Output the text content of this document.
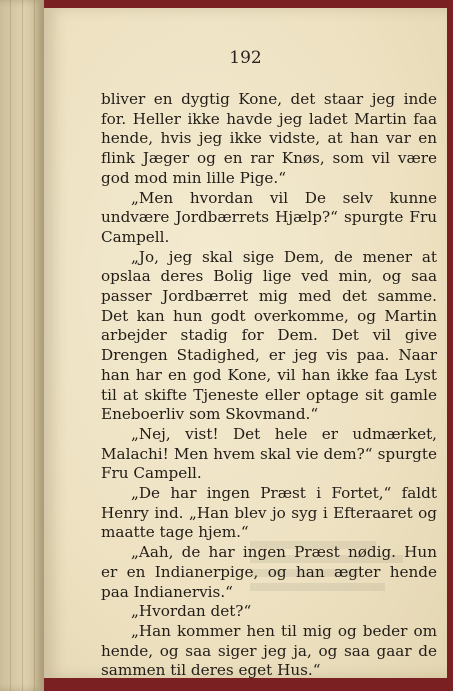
192

bliver en dygtig Kone, det staar jeg inde for. Heller ikke havde jeg ladet Martin faa hende, hvis jeg ikke vidste, at han var en flink Jæger og en rar Knøs, som vil være god mod min lille Pige.“

„Men hvordan vil De selv kunne undvære Jordbærrets Hjælp?“ spurgte Fru Campell.

„Jo, jeg skal sige Dem, de mener at opslaa deres Bolig lige ved min, og saa passer Jordbærret mig med det samme. Det kan hun godt overkomme, og Martin arbejder stadig for Dem. Det vil give Drengen Stadighed, er jeg vis paa. Naar han har en god Kone, vil han ikke faa Lyst til at skifte Tjeneste eller optage sit gamle Eneboerliv som Skovmand.“

„Nej, vist! Det hele er udmærket, Malachi! Men hvem skal vie dem?“ spurgte Fru Campell.

„De har ingen Præst i Fortet,“ faldt Henry ind. „Han blev jo syg i Efteraaret og maatte tage hjem.“

„Aah, de har ingen Præst nødig. Hun er en Indianerpige, og han ægter hende paa Indianervis.“

„Hvordan det?“

„Han kommer hen til mig og beder om hende, og saa siger jeg ja, og saa gaar de sammen til deres eget Hus.“
